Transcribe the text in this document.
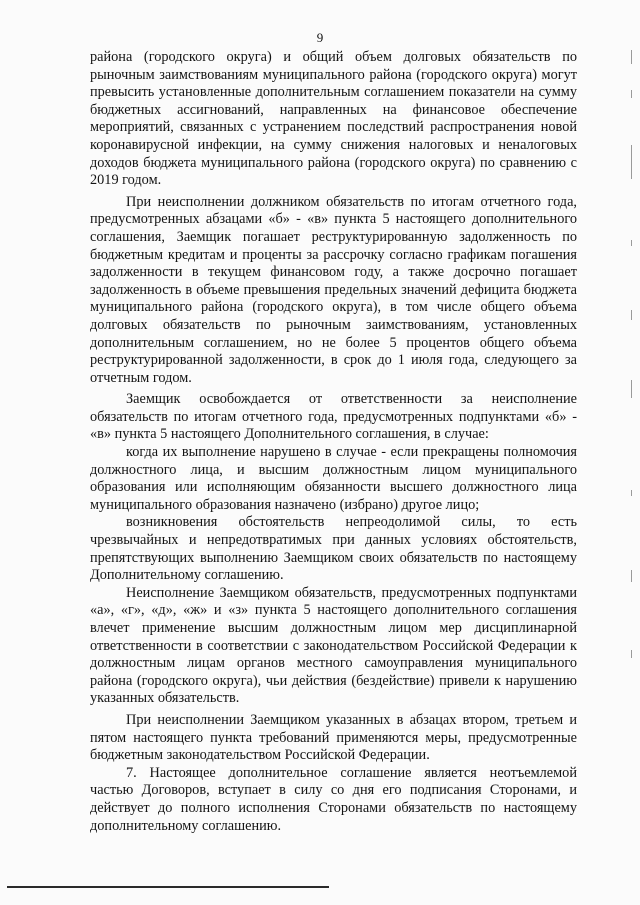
9

района (городского округа) и общий объем долговых обязательств по рыночным заимствованиям муниципального района (городского округа) могут превысить установленные дополнительным соглашением показатели на сумму бюджетных ассигнований, направленных на финансовое обеспечение мероприятий, связанных с устранением последствий распространения новой коронавирусной инфекции, на сумму снижения налоговых и неналоговых доходов бюджета муниципального района (городского округа) по сравнению с 2019 годом.

При неисполнении должником обязательств по итогам отчетного года, предусмотренных абзацами «б» - «в» пункта 5 настоящего дополнительного соглашения, Заемщик погашает реструктурированную задолженность по бюджетным кредитам и проценты за рассрочку согласно графикам погашения задолженности в текущем финансовом году, а также досрочно погашает задолженность в объеме превышения предельных значений дефицита бюджета муниципального района (городского округа), в том числе общего объема долговых обязательств по рыночным заимствованиям, установленных дополнительным соглашением, но не более 5 процентов общего объема реструктурированной задолженности, в срок до 1 июля года, следующего за отчетным годом.

Заемщик освобождается от ответственности за неисполнение обязательств по итогам отчетного года, предусмотренных подпунктами «б» - «в» пункта 5 настоящего Дополнительного соглашения, в случае:

когда их выполнение нарушено в случае - если прекращены полномочия должностного лица, и высшим должностным лицом муниципального образования или исполняющим обязанности высшего должностного лица муниципального образования назначено (избрано) другое лицо;

возникновения обстоятельств непреодолимой силы, то есть чрезвычайных и непредотвратимых при данных условиях обстоятельств, препятствующих выполнению Заемщиком своих обязательств по настоящему Дополнительному соглашению.

Неисполнение Заемщиком обязательств, предусмотренных подпунктами «а», «г», «д», «ж» и «з» пункта 5 настоящего дополнительного соглашения влечет применение высшим должностным лицом мер дисциплинарной ответственности в соответствии с законодательством Российской Федерации к должностным лицам органов местного самоуправления муниципального района (городского округа), чьи действия (бездействие) привели к нарушению указанных обязательств.

При неисполнении Заемщиком указанных в абзацах втором, третьем и пятом настоящего пункта требований применяются меры, предусмотренные бюджетным законодательством Российской Федерации.

7. Настоящее дополнительное соглашение является неотъемлемой частью Договоров, вступает в силу со дня его подписания Сторонами, и действует до полного исполнения Сторонами обязательств по настоящему дополнительному соглашению.
